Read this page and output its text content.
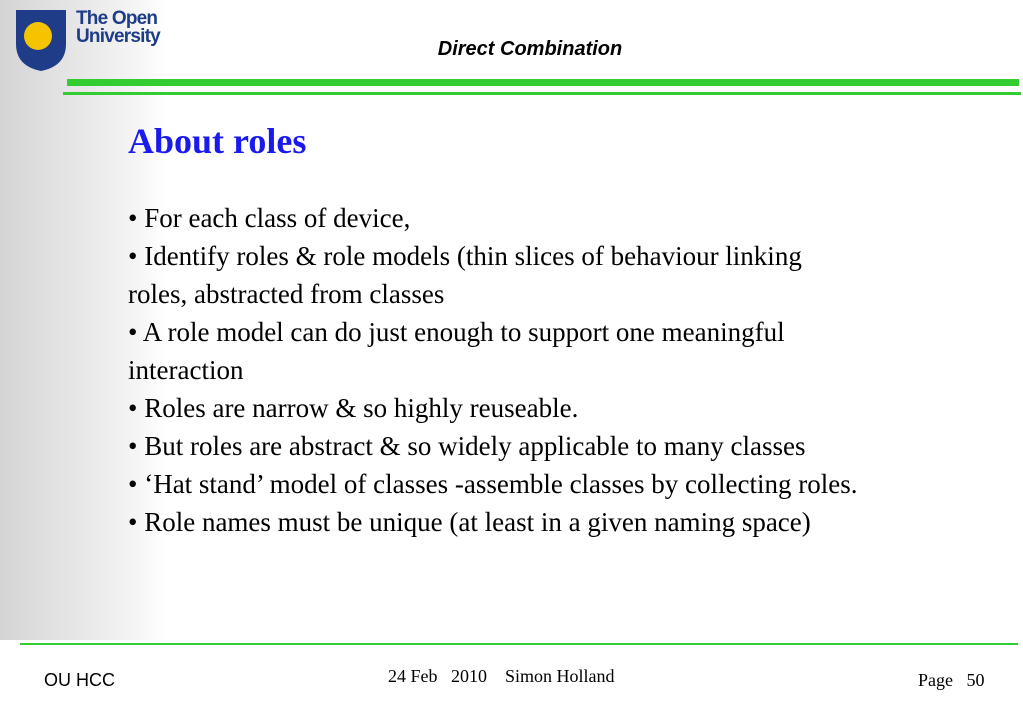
The Open
University
Direct Combination
About roles
• For each class of device,
• Identify roles & role models (thin slices of behaviour linking
roles, abstracted from classes
• A role model can do just enough to support one meaningful
interaction
• Roles are narrow & so highly reuseable.
• But roles are abstract & so widely applicable to many classes
• ‘Hat stand’ model of classes -assemble classes by collecting roles.
• Role names must be unique (at least in a given naming space)
OU HCC	24 Feb   2010    Simon Holland	Page 50
